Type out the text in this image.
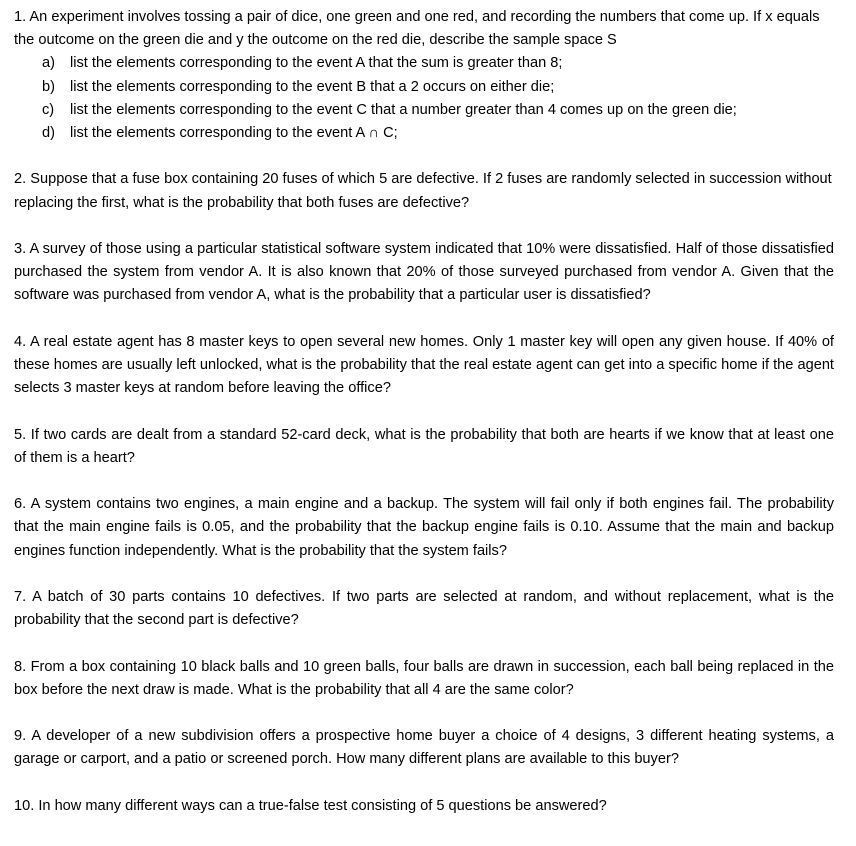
1. An experiment involves tossing a pair of dice, one green and one red, and recording the numbers that come up. If x equals the outcome on the green die and y the outcome on the red die, describe the sample space S
a)	list the elements corresponding to the event A that the sum is greater than 8;
b)	list the elements corresponding to the event B that a 2 occurs on either die;
c)	list the elements corresponding to the event C that a number greater than 4 comes up on the green die;
d)	list the elements corresponding to the event A ∩ C;
2. Suppose that a fuse box containing 20 fuses of which 5 are defective. If 2 fuses are randomly selected in succession without replacing the first, what is the probability that both fuses are defective?
3. A survey of those using a particular statistical software system indicated that 10% were dissatisfied. Half of those dissatisfied purchased the system from vendor A. It is also known that 20% of those surveyed purchased from vendor A. Given that the software was purchased from vendor A, what is the probability that a particular user is dissatisfied?
4. A real estate agent has 8 master keys to open several new homes. Only 1 master key will open any given house. If 40% of these homes are usually left unlocked, what is the probability that the real estate agent can get into a specific home if the agent selects 3 master keys at random before leaving the office?
5. If two cards are dealt from a standard 52-card deck, what is the probability that both are hearts if we know that at least one of them is a heart?
6. A system contains two engines, a main engine and a backup. The system will fail only if both engines fail. The probability that the main engine fails is 0.05, and the probability that the backup engine fails is 0.10. Assume that the main and backup engines function independently. What is the probability that the system fails?
7. A batch of 30 parts contains 10 defectives. If two parts are selected at random, and without replacement, what is the probability that the second part is defective?
8. From a box containing 10 black balls and 10 green balls, four balls are drawn in succession, each ball being replaced in the box before the next draw is made. What is the probability that all 4 are the same color?
9. A developer of a new subdivision offers a prospective home buyer a choice of 4 designs, 3 different heating systems, a garage or carport, and a patio or screened porch. How many different plans are available to this buyer?
10. In how many different ways can a true-false test consisting of 5 questions be answered?
